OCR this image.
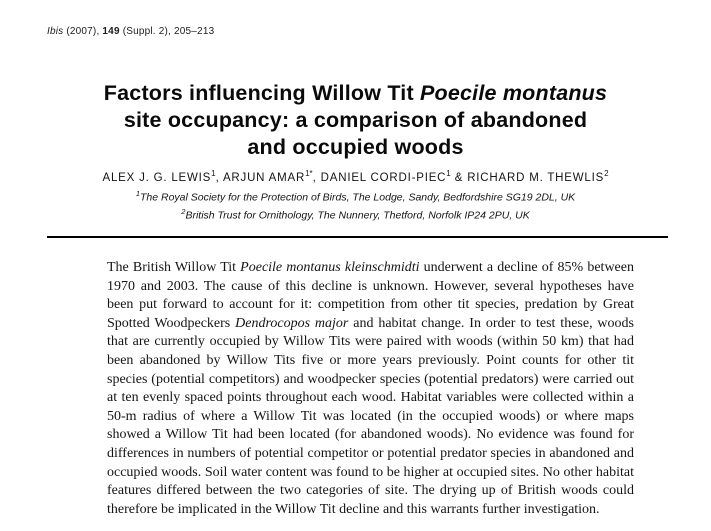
Ibis (2007), 149 (Suppl. 2), 205–213
Factors influencing Willow Tit Poecile montanus
site occupancy: a comparison of abandoned
and occupied woods
ALEX J. G. LEWIS$^1$, ARJUN $AMAR^{1*}$, DANIEL CORDI-PIEC$^1$ & RICHARD M. THEWLIS$^2$
$^1$The Royal Society for the Protection of Birds, The Lodge, Sandy, Bedfordshire SG19 2DL, UK
$^2$British Trust for Ornithology, The Nunnery, Thetford, Norfolk IP24 2PU, UK

The British Willow Tit Poecile montanus kleinschmidti underwent a decline of 85% between 1970 and 2003. The cause of this decline is unknown. However, several hypotheses have been put forward to account for it: competition from other tit species, predation by Great Spotted Woodpeckers Dendrocopos major and habitat change. In order to test these, woods that are currently occupied by Willow Tits were paired with woods (within 50 km) that had been abandoned by Willow Tits five or more years previously. Point counts for other tit species (potential competitors) and woodpecker species (potential predators) were carried out at ten evenly spaced points throughout each wood. Habitat variables were collected within a 50-m radius of where a Willow Tit was located (in the occupied woods) or where maps showed a Willow Tit had been located (for abandoned woods). No evidence was found for differences in numbers of potential competitor or potential predator species in abandoned and occupied woods. Soil water content was found to be higher at occupied sites. No other habitat features differed between the two categories of site. The drying up of British woods could therefore be implicated in the Willow Tit decline and this warrants further investigation.
